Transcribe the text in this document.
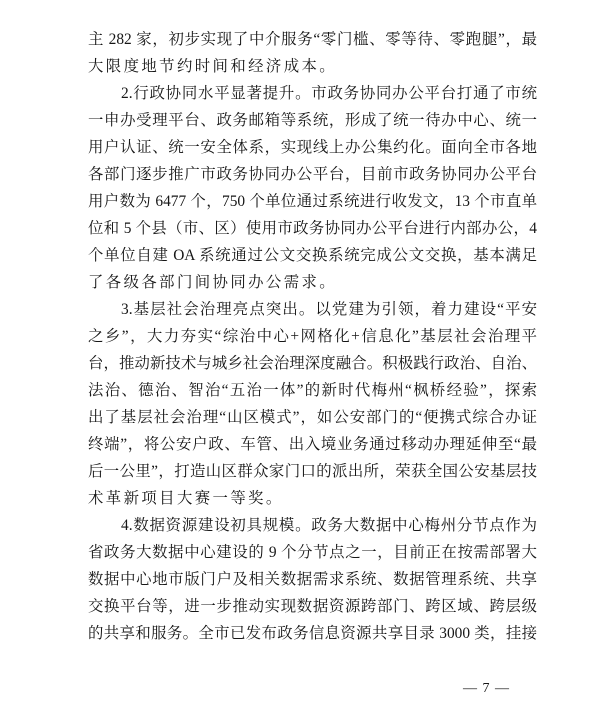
主 282 家，初步实现了中介服务“零门槛、零等待、零跑腿”，最
大限度地节约时间和经济成本。
2.行政协同水平显著提升。市政务协同办公平台打通了市统
一申办受理平台、政务邮箱等系统，形成了统一待办中心、统一
用户认证、统一安全体系，实现线上办公集约化。面向全市各地
各部门逐步推广市政务协同办公平台，目前市政务协同办公平台
用户数为 6477 个，750 个单位通过系统进行收发文，13 个市直单
位和 5 个县（市、区）使用市政务协同办公平台进行内部办公，4
个单位自建 OA 系统通过公文交换系统完成公文交换，基本满足
了各级各部门间协同办公需求。
3.基层社会治理亮点突出。以党建为引领，着力建设“平安
之乡”，大力夯实“综治中心+网格化+信息化”基层社会治理平
台，推动新技术与城乡社会治理深度融合。积极践行政治、自治、
法治、德治、智治“五治一体”的新时代梅州“枫桥经验”，探索
出了基层社会治理“山区模式”，如公安部门的“便携式综合办证
终端”，将公安户政、车管、出入境业务通过移动办理延伸至“最
后一公里”，打造山区群众家门口的派出所，荣获全国公安基层技
术革新项目大赛一等奖。
4.数据资源建设初具规模。政务大数据中心梅州分节点作为
省政务大数据中心建设的 9 个分节点之一，目前正在按需部署大
数据中心地市版门户及相关数据需求系统、数据管理系统、共享
交换平台等，进一步推动实现数据资源跨部门、跨区域、跨层级
的共享和服务。全市已发布政务信息资源共享目录 3000 类，挂接
— 7 —
